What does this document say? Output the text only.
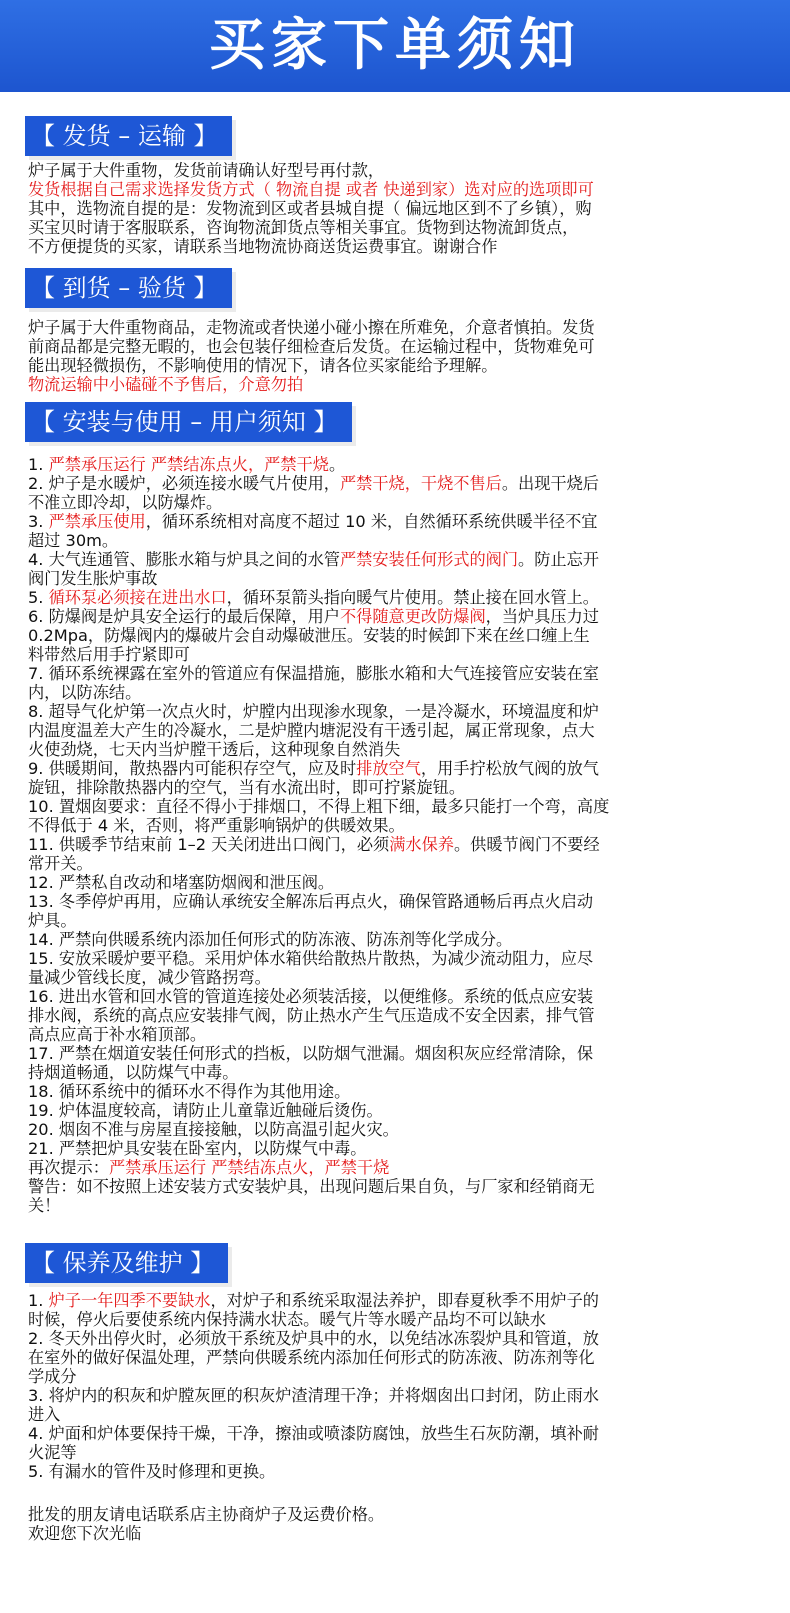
买家下单须知
【 发货 – 运输 】
炉子属于大件重物，发货前请确认好型号再付款，
发货根据自己需求选择发货方式（ 物流自提 或者 快递到家）选对应的选项即可
其中，选物流自提的是：发物流到区或者县城自提（ 偏远地区到不了乡镇），购
买宝贝时请于客服联系，咨询物流卸货点等相关事宜。货物到达物流卸货点，
不方便提货的买家，请联系当地物流协商送货运费事宜。谢谢合作
【 到货 – 验货 】
炉子属于大件重物商品，走物流或者快递小碰小擦在所难免，介意者慎拍。发货
前商品都是完整无暇的，也会包装仔细检查后发货。在运输过程中，货物难免可
能出现轻微损伤，不影响使用的情况下，请各位买家能给予理解。
物流运输中小磕碰不予售后，介意勿拍
【 安装与使用 – 用户须知 】
1. 严禁承压运行 严禁结冻点火，严禁干烧。
2. 炉子是水暖炉，必须连接水暖气片使用，严禁干烧，干烧不售后。出现干烧后
不准立即冷却，以防爆炸。
3. 严禁承压使用，循环系统相对高度不超过 10 米，自然循环系统供暖半径不宜
超过 30m。
4. 大气连通管、膨胀水箱与炉具之间的水管严禁安装任何形式的阀门。防止忘开
阀门发生胀炉事故
5. 循环泵必须接在进出水口，循环泵箭头指向暖气片使用。禁止接在回水管上。
6. 防爆阀是炉具安全运行的最后保障，用户不得随意更改防爆阀，当炉具压力过
0.2Mpa，防爆阀内的爆破片会自动爆破泄压。安装的时候卸下来在丝口缠上生
料带然后用手拧紧即可
7. 循环系统裸露在室外的管道应有保温措施，膨胀水箱和大气连接管应安装在室
内，以防冻结。
8. 超导气化炉第一次点火时，炉膛内出现渗水现象，一是冷凝水，环境温度和炉
内温度温差大产生的冷凝水，二是炉膛内塘泥没有干透引起，属正常现象，点大
火使劲烧，七天内当炉膛干透后，这种现象自然消失
9. 供暖期间，散热器内可能积存空气，应及时排放空气，用手拧松放气阀的放气
旋钮，排除散热器内的空气，当有水流出时，即可拧紧旋钮。
10. 置烟囱要求：直径不得小于排烟口，不得上粗下细，最多只能打一个弯，高度
不得低于 4 米，否则，将严重影响锅炉的供暖效果。
11. 供暖季节结束前 1–2 天关闭进出口阀门，必须满水保养。供暖节阀门不要经
常开关。
12. 严禁私自改动和堵塞防烟阀和泄压阀。
13. 冬季停炉再用，应确认承统安全解冻后再点火，确保管路通畅后再点火启动
炉具。
14. 严禁向供暖系统内添加任何形式的防冻液、防冻剂等化学成分。
15. 安放采暖炉要平稳。采用炉体水箱供给散热片散热，为减少流动阻力，应尽
量减少管线长度，减少管路拐弯。
16. 进出水管和回水管的管道连接处必须装活接，以便维修。系统的低点应安装
排水阀，系统的高点应安装排气阀，防止热水产生气压造成不安全因素，排气管
高点应高于补水箱顶部。
17. 严禁在烟道安装任何形式的挡板，以防烟气泄漏。烟囱积灰应经常清除，保
持烟道畅通，以防煤气中毒。
18. 循环系统中的循环水不得作为其他用途。
19. 炉体温度较高，请防止儿童靠近触碰后烫伤。
20. 烟囱不准与房屋直接接触，以防高温引起火灾。
21. 严禁把炉具安装在卧室内，以防煤气中毒。
再次提示：严禁承压运行 严禁结冻点火，严禁干烧
警告：如不按照上述安装方式安装炉具，出现问题后果自负，与厂家和经销商无
关！
【 保养及维护 】
1. 炉子一年四季不要缺水，对炉子和系统采取湿法养护，即春夏秋季不用炉子的
时候，停火后要使系统内保持满水状态。暖气片等水暖产品均不可以缺水
2. 冬天外出停火时，必须放干系统及炉具中的水，以免结冰冻裂炉具和管道，放
在室外的做好保温处理，严禁向供暖系统内添加任何形式的防冻液、防冻剂等化
学成分
3. 将炉内的积灰和炉膛灰匣的积灰炉渣清理干净；并将烟囱出口封闭，防止雨水
进入
4. 炉面和炉体要保持干燥，干净，擦油或喷漆防腐蚀，放些生石灰防潮，填补耐
火泥等
5. 有漏水的管件及时修理和更换。
批发的朋友请电话联系店主协商炉子及运费价格。
欢迎您下次光临
